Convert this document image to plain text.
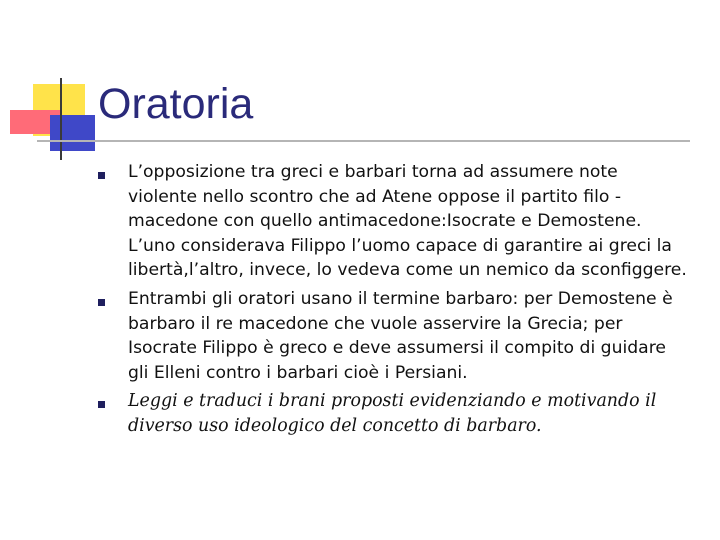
Oratoria
L’opposizione tra greci e barbari torna ad assumere note
violente nello scontro che ad Atene oppose il partito filo -
macedone con quello antimacedone:Isocrate e Demostene.
L’uno considerava Filippo l’uomo capace di garantire ai greci la
libertà,l’altro, invece, lo vedeva come un nemico da sconfiggere.
Entrambi gli oratori usano il termine barbaro: per Demostene è
barbaro il re macedone che vuole asservire la Grecia; per
Isocrate Filippo è greco e deve assumersi il compito di guidare
gli Elleni contro i barbari cioè i Persiani.
Leggi e traduci i brani proposti evidenziando e motivando il
diverso uso ideologico del concetto di barbaro.
